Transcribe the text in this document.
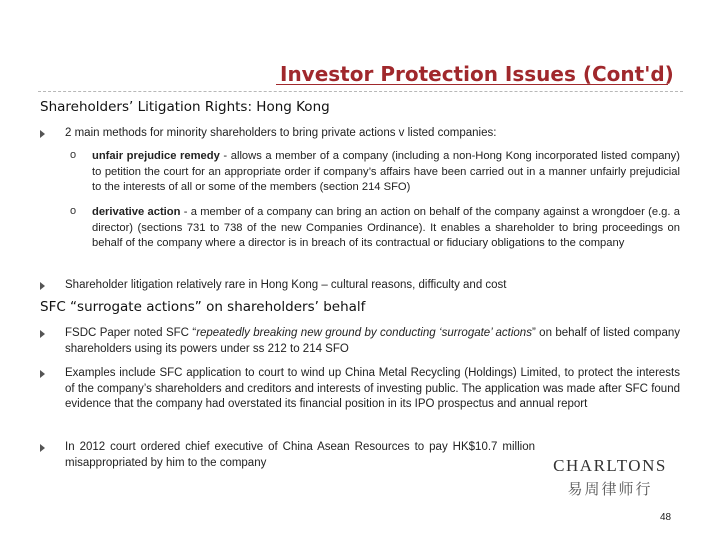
Investor Protection Issues (Cont'd)
Shareholders’ Litigation Rights: Hong Kong
2 main methods for minority shareholders to bring private actions v listed companies:
o unfair prejudice remedy - allows a member of a company (including a non-Hong Kong incorporated listed company) to petition the court for an appropriate order if company’s affairs have been carried out in a manner unfairly prejudicial to the interests of all or some of the members (section 214 SFO)
o derivative action - a member of a company can bring an action on behalf of the company against a wrongdoer (e.g. a director) (sections 731 to 738 of the new Companies Ordinance). It enables a shareholder to bring proceedings on behalf of the company where a director is in breach of its contractual or fiduciary obligations to the company
Shareholder litigation relatively rare in Hong Kong – cultural reasons, difficulty and cost
SFC “surrogate actions” on shareholders’ behalf
FSDC Paper noted SFC “repeatedly breaking new ground by conducting ‘surrogate’ actions” on behalf of listed company shareholders using its powers under ss 212 to 214 SFO
Examples include SFC application to court to wind up China Metal Recycling (Holdings) Limited, to protect the interests of the company’s shareholders and creditors and interests of investing public. The application was made after SFC found evidence that the company had overstated its financial position in its IPO prospectus and annual report
In 2012 court ordered chief executive of China Asean Resources to pay HK$10.7 million misappropriated by him to the company	CHARLTONS
易周律师行
48
